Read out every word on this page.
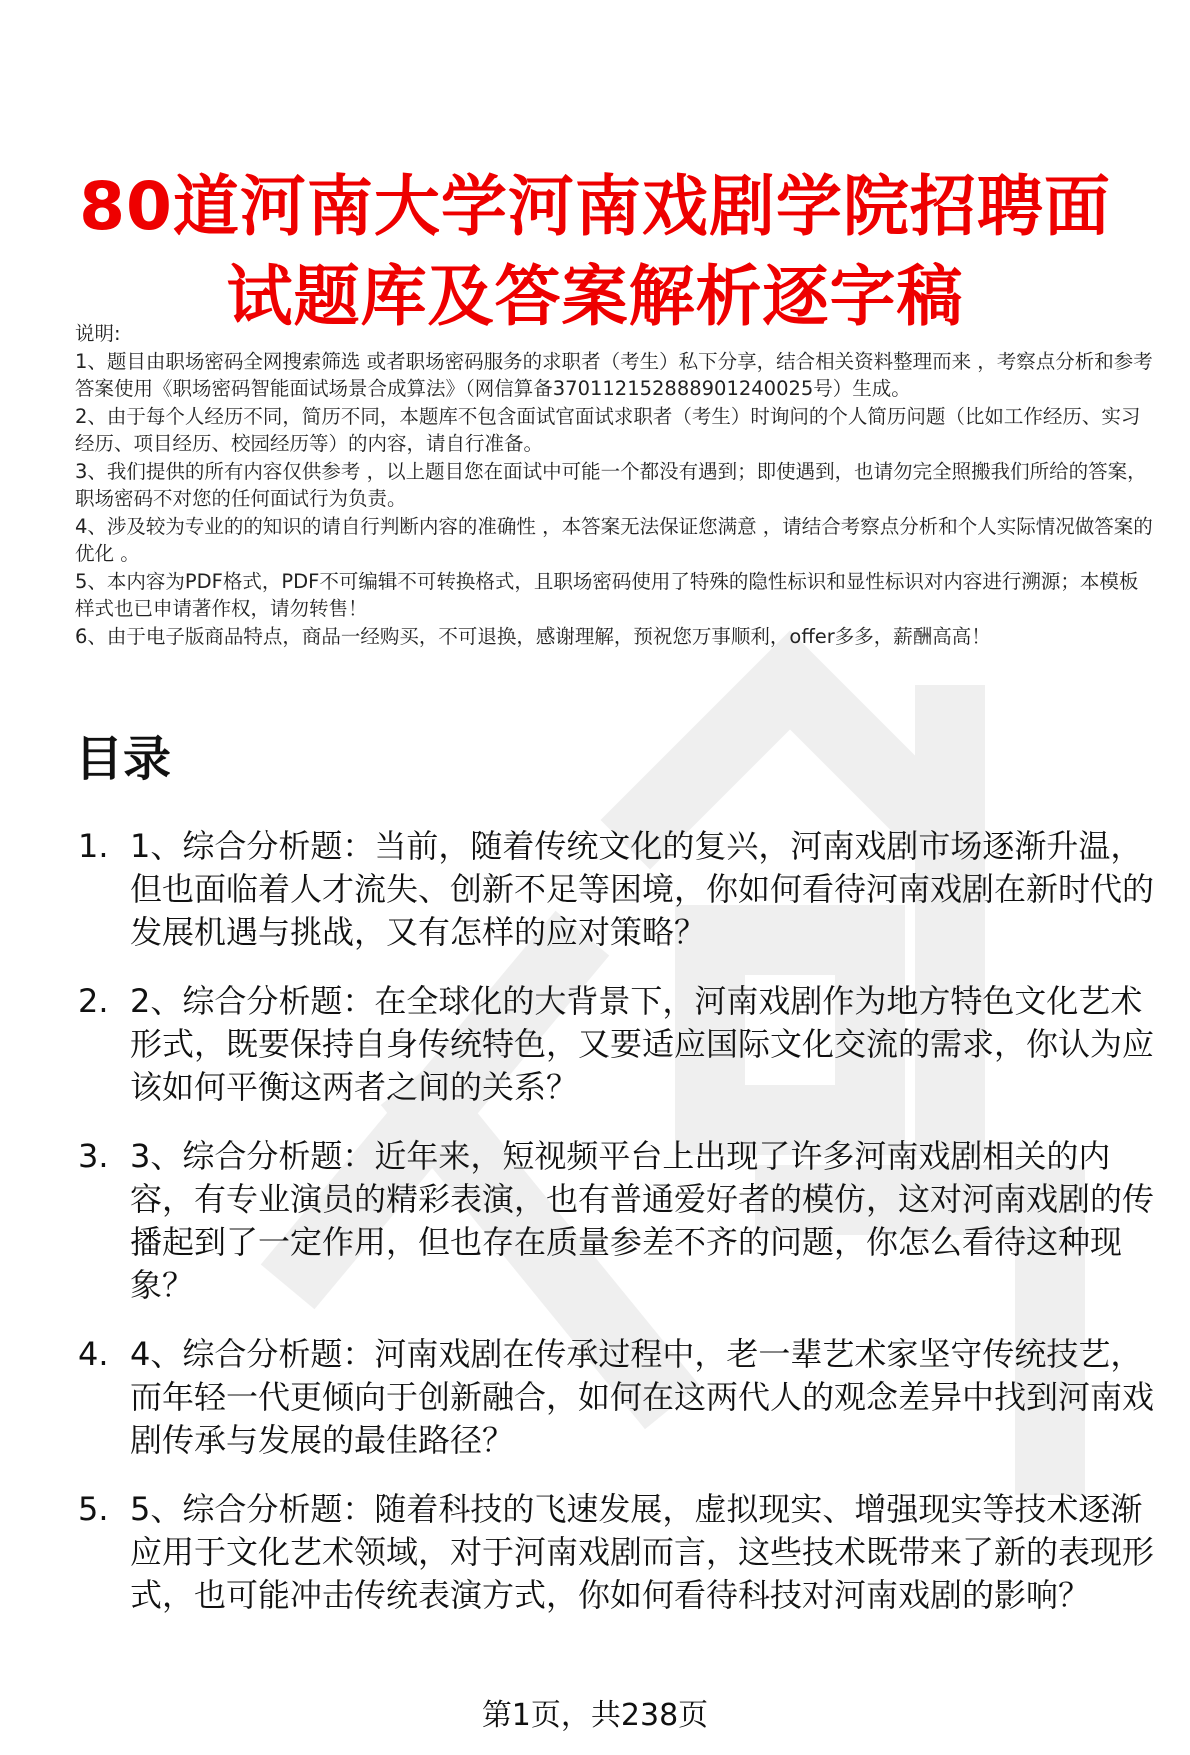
80道河南大学河南戏剧学院招聘面试题库及答案解析逐字稿

说明:

1、题目由职场密码全网搜索筛选 或者职场密码服务的求职者（考生）私下分享，结合相关资料整理而来 ，考察点分析和参考答案使用《职场密码智能面试场景合成算法》（网信算备370112152888901240025号）生成。

2、由于每个人经历不同，简历不同，本题库不包含面试官面试求职者（考生）时询问的个人简历问题（比如工作经历、实习经历、项目经历、校园经历等）的内容，请自行准备。

3、我们提供的所有内容仅供参考 ，以上题目您在面试中可能一个都没有遇到；即使遇到，也请勿完全照搬我们所给的答案，职场密码不对您的任何面试行为负责。

4、涉及较为专业的的知识的请自行判断内容的准确性 ，本答案无法保证您满意 ，请结合考察点分析和个人实际情况做答案的优化 。

5、本内容为PDF格式，PDF不可编辑不可转换格式，且职场密码使用了特殊的隐性标识和显性标识对内容进行溯源；本模板样式也已申请著作权，请勿转售！

6、由于电子版商品特点，商品一经购买，不可退换，感谢理解，预祝您万事顺利，offer多多，薪酬高高！

目录
1. 1、综合分析题：当前，随着传统文化的复兴，河南戏剧市场逐渐升温，但也面临着人才流失、创新不足等困境，你如何看待河南戏剧在新时代的发展机遇与挑战，又有怎样的应对策略？
2. 2、综合分析题：在全球化的大背景下，河南戏剧作为地方特色文化艺术形式，既要保持自身传统特色，又要适应国际文化交流的需求，你认为应该如何平衡这两者之间的关系？
3. 3、综合分析题：近年来，短视频平台上出现了许多河南戏剧相关的内容，有专业演员的精彩表演，也有普通爱好者的模仿，这对河南戏剧的传播起到了一定作用，但也存在质量参差不齐的问题，你怎么看待这种现象？
4. 4、综合分析题：河南戏剧在传承过程中，老一辈艺术家坚守传统技艺，而年轻一代更倾向于创新融合，如何在这两代人的观念差异中找到河南戏剧传承与发展的最佳路径？
5. 5、综合分析题：随着科技的飞速发展，虚拟现实、增强现实等技术逐渐应用于文化艺术领域，对于河南戏剧而言，这些技术既带来了新的表现形式，也可能冲击传统表演方式，你如何看待科技对河南戏剧的影响？
第1页，共238页
